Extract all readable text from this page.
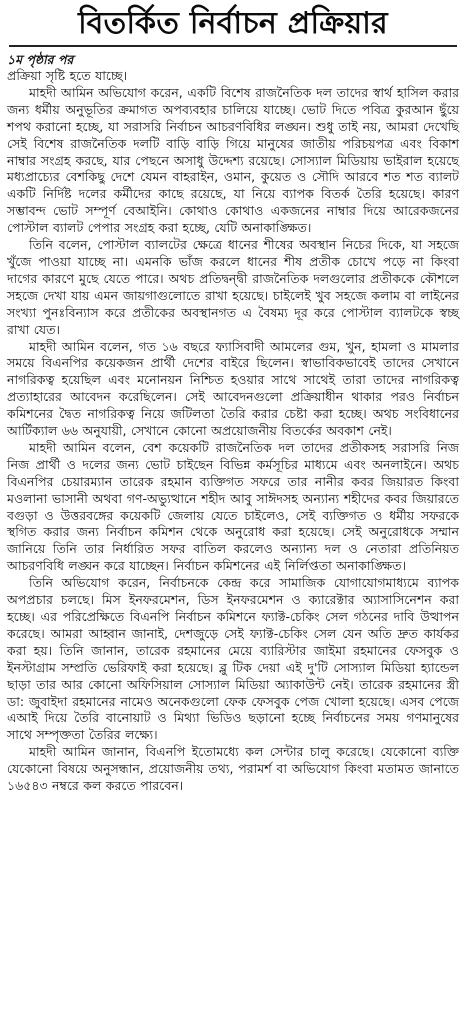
বিতর্কিত নির্বাচন প্রক্রিয়ার

১ম পৃষ্ঠার পর

প্রক্রিয়া সৃষ্টি হতে যাচ্ছে।

মাহদী আমিন অভিযোগ করেন, একটি বিশেষ রাজনৈতিক দল তাদের স্বার্থ হাসিল করার জন্য ধর্মীয় অনুভূতির ক্রমাগত অপব্যবহার চালিয়ে যাচ্ছে। ভোট দিতে পবিত্র কুরআন ছুঁয়ে শপথ করানো হচ্ছে, যা সরাসরি নির্বাচন আচরণবিধির লঙ্ঘন। শুধু তাই নয়, আমরা দেখেছি সেই বিশেষ রাজনৈতিক দলটি বাড়ি বাড়ি গিয়ে মানুষের জাতীয় পরিচয়পত্র এবং বিকাশ নাম্বার সংগ্রহ করছে, যার পেছনে অসাধু উদ্দেশ্য রয়েছে। সোস্যাল মিডিয়ায় ভাইরাল হয়েছে মধ্যপ্রাচ্যের বেশকিছু দেশে যেমন বাহরাইন, ওমান, কুয়েত ও সৌদি আরবে শত শত ব্যালট একটি নির্দিষ্ট দলের কর্মীদের কাছে রয়েছে, যা নিয়ে ব্যাপক বিতর্ক তৈরি হয়েছে। কারণ সম্ভাবন্দ ভোট সম্পূর্ণ বেআইনি। কোথাও কোথাও একজনের নাম্বার দিয়ে আরেকজনের পোস্টাল ব্যালট পেপার সংগ্রহ করা হচ্ছে, যেটি অনাকাঙ্ক্ষিত।

তিনি বলেন, পোস্টাল ব্যালটের ক্ষেত্রে ধানের শীষের অবস্থান নিচের দিকে, যা সহজে খুঁজে পাওয়া যাচ্ছে না। এমনকি ভাঁজ করলে ধানের শীষ প্রতীক চোখে পড়ে না কিংবা দাগের কারণে মুছে যেতে পারে। অথচ প্রতিদ্বন্দ্বী রাজনৈতিক দলগুলোর প্রতীককে কৌশলে সহজে দেখা যায় এমন জায়গাগুলোতে রাখা হয়েছে। চাইলেই খুব সহজে কলাম বা লাইনের সংখ্যা পুনঃবিন্যাস করে প্রতীকের অবস্থানগত এ বৈষম্য দূর করে পোস্টাল ব্যালটকে স্বচ্ছ রাখা যেত।

মাহদী আমিন বলেন, গত ১৬ বছরে ফ্যাসিবাদী আমলের গুম, খুন, হামলা ও মামলার সময়ে বিএনপির কয়েকজন প্রার্থী দেশের বাইরে ছিলেন। স্বাভাবিকভাবেই তাদের সেখানে নাগরিকত্ব হয়েছিল এবং মনোনয়ন নিশ্চিত হওয়ার সাথে সাথেই তারা তাদের নাগরিকত্ব প্রত্যাহারের আবেদন করেছিলেন। সেই আবেদনগুলো প্রক্রিয়াধীন থাকার পরও নির্বাচন কমিশনের দ্বৈত নাগরিকত্ব নিয়ে জটিলতা তৈরি করার চেষ্টা করা হচ্ছে। অথচ সংবিধানের আর্টিক্যাল ৬৬ অনুযায়ী, সেখানে কোনো অপ্রয়োজনীয় বিতর্কের অবকাশ নেই।

মাহদী আমিন বলেন, বেশ কয়েকটি রাজনৈতিক দল তাদের প্রতীকসহ সরাসরি নিজ নিজ প্রার্থী ও দলের জন্য ভোট চাইছেন বিভিন্ন কর্মসূচির মাধ্যমে এবং অনলাইনে। অথচ বিএনপির চেয়ারম্যান তারেক রহমান ব্যক্তিগত সফরে তার নানীর কবর জিয়ারত কিংবা মওলানা ভাসানী অথবা গণ-অভ্যুত্থানে শহীদ আবু সাঈদসহ অন্যান্য শহীদের কবর জিয়ারতে বগুড়া ও উত্তরবঙ্গের কয়েকটি জেলায় যেতে চাইলেও, সেই ব্যক্তিগত ও ধর্মীয় সফরকে স্থগিত করার জন্য নির্বাচন কমিশন থেকে অনুরোধ করা হয়েছে। সেই অনুরোধকে সম্মান জানিয়ে তিনি তার নির্ধারিত সফর বাতিল করলেও অন্যান্য দল ও নেতারা প্রতিনিয়ত আচরণবিধি লঙ্ঘন করে যাচ্ছেন। নির্বাচন কমিশনের এই নির্লিপ্ততা অনাকাঙ্ক্ষিত।

তিনি অভিযোগ করেন, নির্বাচনকে কেন্দ্র করে সামাজিক যোগাযোগমাধ্যমে ব্যাপক অপপ্রচার চলছে। মিস ইনফরমেশন, ডিস ইনফরমেশন ও ক্যারেক্টার অ্যাসাসিনেশন করা হচ্ছে। এর পরিপ্রেক্ষিতে বিএনপি নির্বাচন কমিশনে ফ্যাক্ট-চেকিং সেল গঠনের দাবি উত্থাপন করেছে। আমরা আহ্বান জানাই, দেশজুড়ে সেই ফ্যাক্ট-চেকিং সেল যেন অতি দ্রুত কার্যকর করা হয়। তিনি জানান, তারেক রহমানের মেয়ে ব্যারিস্টার জাইমা রহমানের ফেসবুক ও ইনস্টাগ্রাম সম্প্রতি ভেরিফাই করা হয়েছে। ব্লু টিক দেয়া এই দু'টি সোস্যাল মিডিয়া হ্যান্ডেল ছাড়া তার আর কোনো অফিসিয়াল সোস্যাল মিডিয়া অ্যাকাউন্ট নেই। তারেক রহমানের স্ত্রী ডা: জুবাইদা রহমানের নামেও অনেকগুলো ফেক ফেসবুক পেজ খোলা হয়েছে। এসব পেজে এআই দিয়ে তৈরি বানোয়াট ও মিথ্যা ভিডিও ছড়ানো হচ্ছে নির্বাচনের সময় গণমানুষের সাথে সম্পৃক্ততা তৈরির লক্ষ্যে।

মাহদী আমিন জানান, বিএনপি ইতোমধ্যে কল সেন্টার চালু করেছে। যেকোনো ব্যক্তি যেকোনো বিষয়ে অনুসন্ধান, প্রয়োজনীয় তথ্য, পরামর্শ বা অভিযোগ কিংবা মতামত জানাতে ১৬৫৪৩ নম্বরে কল করতে পারবেন।
